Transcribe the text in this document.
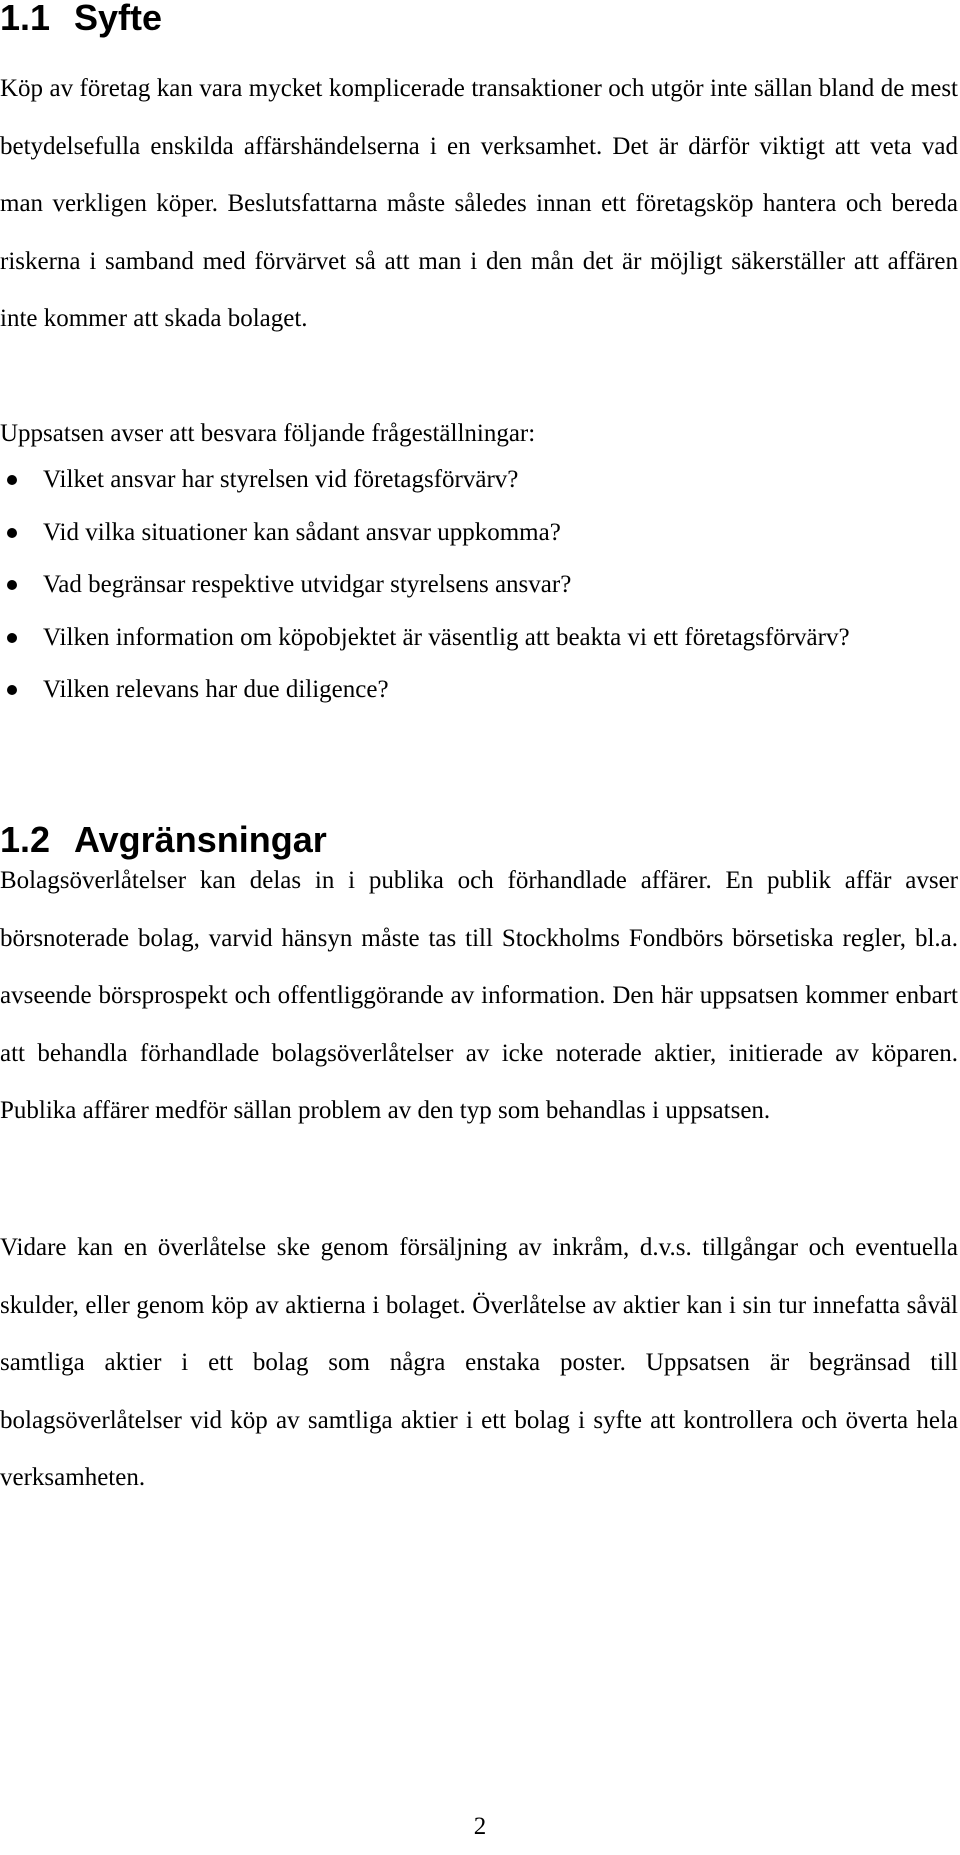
1.1 Syfte

Köp av företag kan vara mycket komplicerade transaktioner och utgör inte sällan bland de mest betydelsefulla enskilda affärshändelserna i en verksamhet. Det är därför viktigt att veta vad man verkligen köper. Beslutsfattarna måste således innan ett företagsköp hantera och bereda riskerna i samband med förvärvet så att man i den mån det är möjligt säkerställer att affären inte kommer att skada bolaget.

Uppsatsen avser att besvara följande frågeställningar:

Vilket ansvar har styrelsen vid företagsförvärv?
Vid vilka situationer kan sådant ansvar uppkomma?
Vad begränsar respektive utvidgar styrelsens ansvar?
Vilken information om köpobjektet är väsentlig att beakta vi ett företagsförvärv?
Vilken relevans har due diligence?
1.2 Avgränsningar

Bolagsöverlåtelser kan delas in i publika och förhandlade affärer. En publik affär avser börsnoterade bolag, varvid hänsyn måste tas till Stockholms Fondbörs börsetiska regler, bl.a. avseende börsprospekt och offentliggörande av information. Den här uppsatsen kommer enbart att behandla förhandlade bolagsöverlåtelser av icke noterade aktier, initierade av köparen. Publika affärer medför sällan problem av den typ som behandlas i uppsatsen.

Vidare kan en överlåtelse ske genom försäljning av inkråm, d.v.s. tillgångar och eventuella skulder, eller genom köp av aktierna i bolaget. Överlåtelse av aktier kan i sin tur innefatta såväl samtliga aktier i ett bolag som några enstaka poster. Uppsatsen är begränsad till bolagsöverlåtelser vid köp av samtliga aktier i ett bolag i syfte att kontrollera och överta hela verksamheten.

2
